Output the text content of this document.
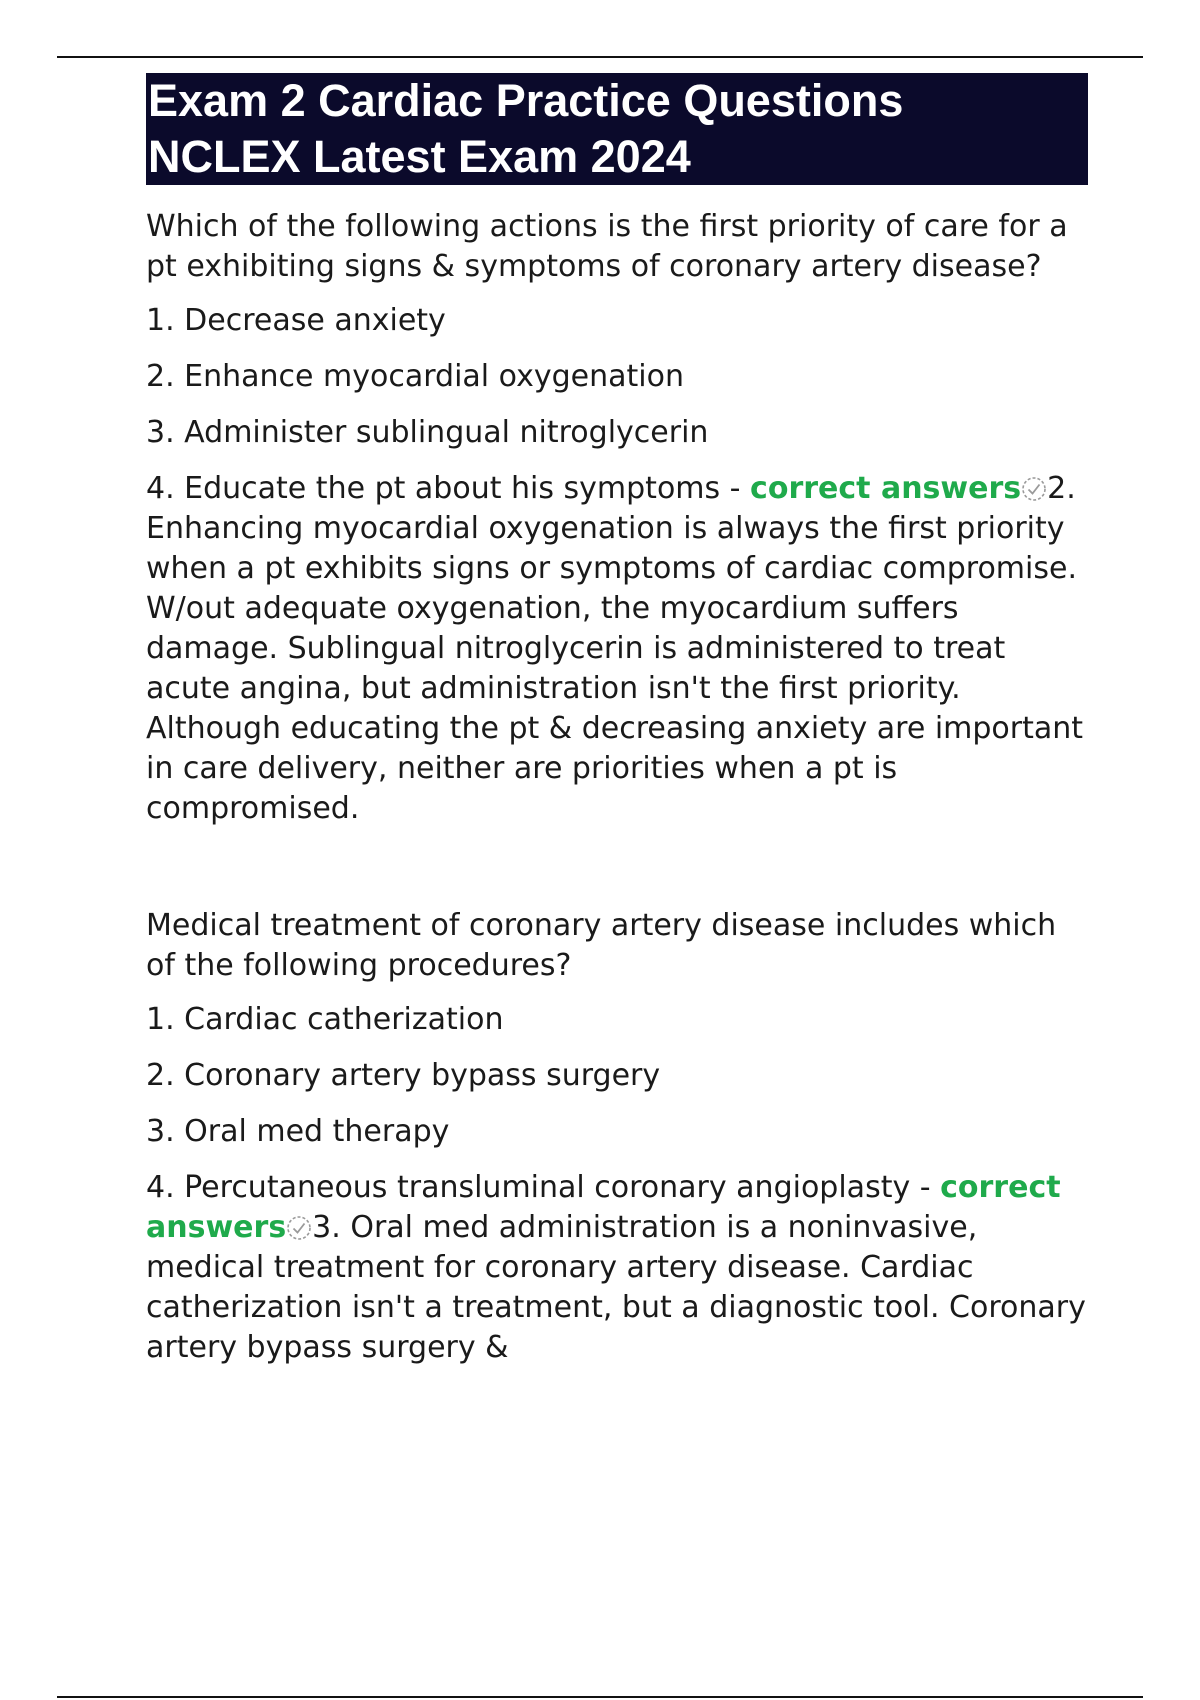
Exam 2 Cardiac Practice Questions
NCLEX Latest Exam 2024
Which of the following actions is the first priority of care for a pt exhibiting signs & symptoms of coronary artery disease?
1. Decrease anxiety
2. Enhance myocardial oxygenation
3. Administer sublingual nitroglycerin
4. Educate the pt about his symptoms - correct answers 2. Enhancing myocardial oxygenation is always the first priority when a pt exhibits signs or symptoms of cardiac compromise. W/out adequate oxygenation, the myocardium suffers damage. Sublingual nitroglycerin is administered to treat acute angina, but administration isn't the first priority. Although educating the pt & decreasing anxiety are important in care delivery, neither are priorities when a pt is compromised.
Medical treatment of coronary artery disease includes which of the following procedures?
1. Cardiac catherization
2. Coronary artery bypass surgery
3. Oral med therapy
4. Percutaneous transluminal coronary angioplasty - correct answers 3. Oral med administration is a noninvasive, medical treatment for coronary artery disease. Cardiac catherization isn't a treatment, but a diagnostic tool. Coronary artery bypass surgery &
